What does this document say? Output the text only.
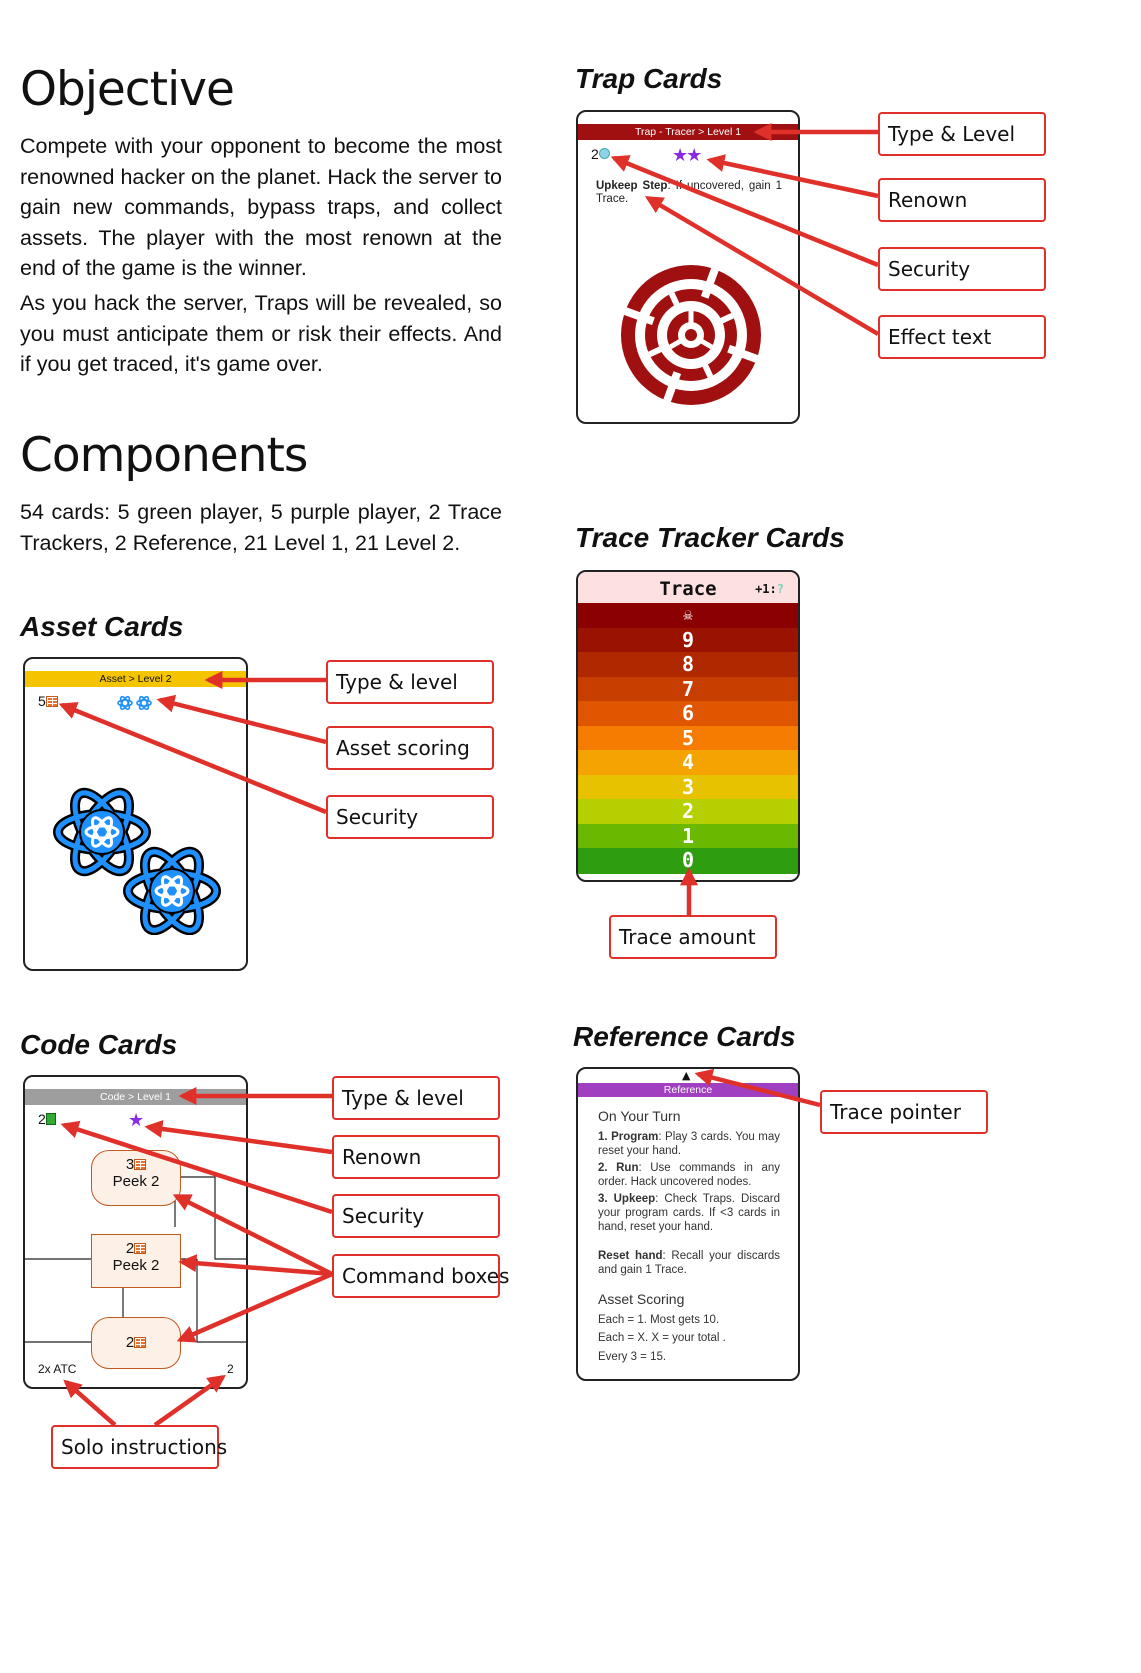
Objective

Compete with your opponent to become the most renowned hacker on the planet. Hack the server to gain new commands, bypass traps, and collect assets. The player with the most renown at the end of the game is the winner.

As you hack the server, Traps will be revealed, so you must anticipate them or risk their effects. And if you get traced, it's game over.

Components

54 cards: 5 green player, 5 purple player, 2 Trace Trackers, 2 Reference, 21 Level 1, 21 Level 2.

Asset Cards
Asset > Level 2
5
Type & level
Asset scoring
Security
Code Cards
Code > Level 1
2	★
3
Peek 2
2
Peek 2
2
2x ATC	2
Type & level
Renown
Security
Command boxes
Solo instructions
Trap Cards
Trap - Tracer > Level 1
2	★★
Upkeep Step: If uncovered, gain 1 Trace.
Type & Level
Renown
Security
Effect text
Trace Tracker Cards
Trace	+1:?
☠
9
8
7
6
5
4
3
2
1
0
Trace amount
Reference Cards
▲
Reference
On Your Turn
1. Program: Play 3 cards. You may reset your hand.
2. Run: Use commands in any order. Hack uncovered nodes.
3. Upkeep: Check Traps. Discard your program cards. If <3 cards in hand, reset your hand.
Reset hand: Recall your discards and gain 1 Trace.
Asset Scoring
Each = 1. Most gets 10.
Each = X. X = your total .
Every 3 = 15.
Trace pointer
